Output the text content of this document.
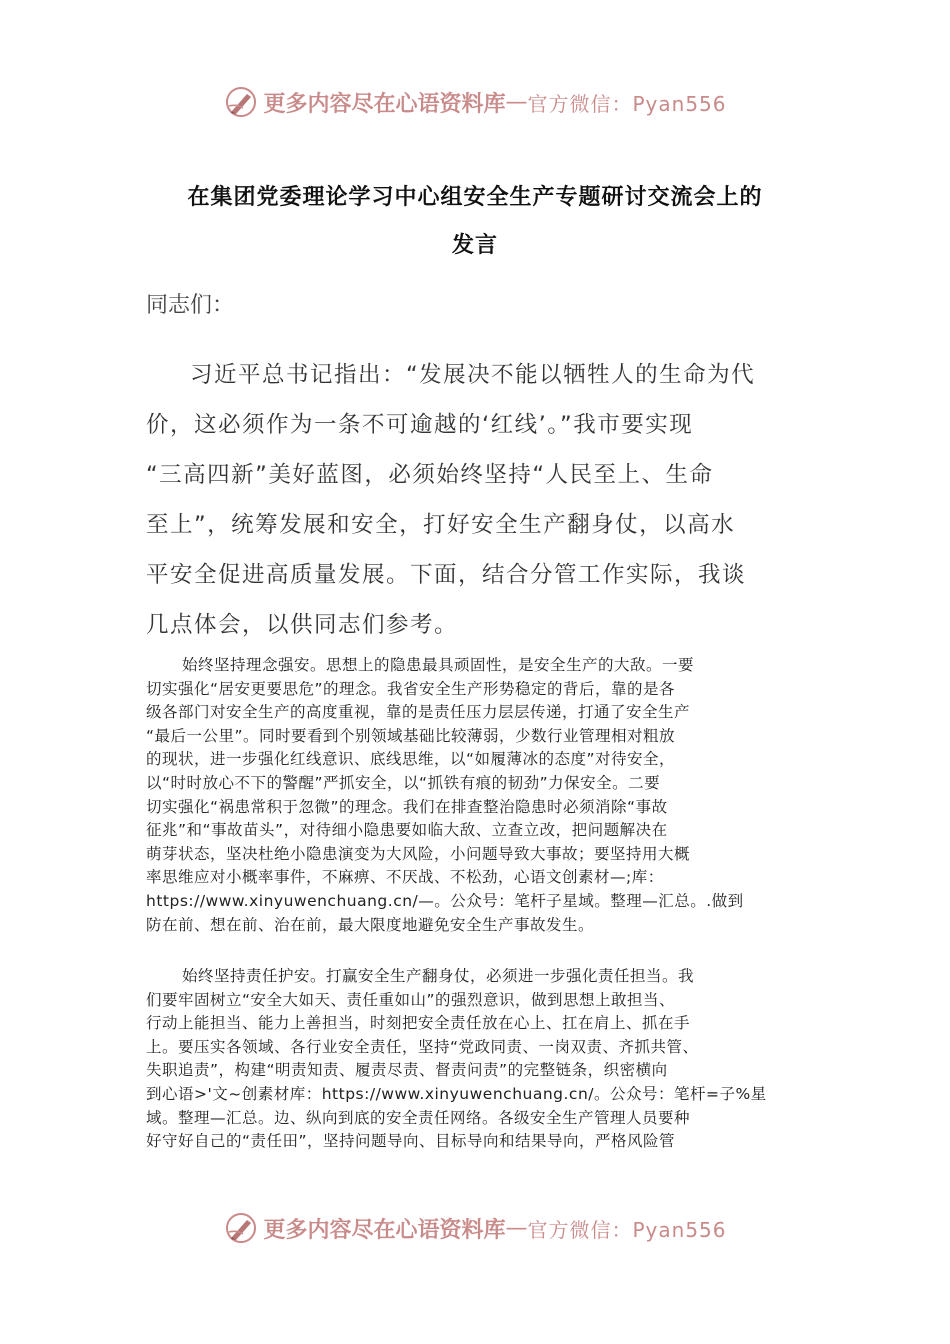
更多内容尽在心语资料库 — 官方微信：Pyan556
在集团党委理论学习中心组安全生产专题研讨交流会上的
发言
同志们：
习近平总书记指出：“发展决不能以牺牲人的生命为代
价，这必须作为一条不可逾越的‘红线’。”我市要实现
“三高四新”美好蓝图，必须始终坚持“人民至上、生命
至上”，统筹发展和安全，打好安全生产翻身仗，以高水
平安全促进高质量发展。下面，结合分管工作实际，我谈
几点体会，以供同志们参考。
始终坚持理念强安。思想上的隐患最具顽固性，是安全生产的大敌。一要
切实强化“居安更要思危”的理念。我省安全生产形势稳定的背后，靠的是各
级各部门对安全生产的高度重视，靠的是责任压力层层传递，打通了安全生产
“最后一公里”。同时要看到个别领域基础比较薄弱，少数行业管理相对粗放
的现状，进一步强化红线意识、底线思维，以“如履薄冰的态度”对待安全，
以“时时放心不下的警醒”严抓安全，以“抓铁有痕的韧劲”力保安全。二要
切实强化“祸患常积于忽微”的理念。我们在排查整治隐患时必须消除“事故
征兆”和“事故苗头”，对待细小隐患要如临大敌、立查立改，把问题解决在
萌芽状态，坚决杜绝小隐患演变为大风险，小问题导致大事故；要坚持用大概
率思维应对小概率事件，不麻痹、不厌战、不松劲，心语文创素材—;库：
https://www.xinyuwenchuang.cn/—。公众号：笔杆子星域。整理—汇总。.做到
防在前、想在前、治在前，最大限度地避免安全生产事故发生。
始终坚持责任护安。打赢安全生产翻身仗，必须进一步强化责任担当。我
们要牢固树立“安全大如天、责任重如山”的强烈意识，做到思想上敢担当、
行动上能担当、能力上善担当，时刻把安全责任放在心上、扛在肩上、抓在手
上。要压实各领域、各行业安全责任，坚持“党政同责、一岗双责、齐抓共管、
失职追责”，构建“明责知责、履责尽责、督责问责”的完整链条，织密横向
到心语>'文~创素材库：https://www.xinyuwenchuang.cn/。公众号：笔杆=子%星
域。整理—汇总。边、纵向到底的安全责任网络。各级安全生产管理人员要种
好守好自己的“责任田”，坚持问题导向、目标导向和结果导向，严格风险管
更多内容尽在心语资料库 — 官方微信：Pyan556
